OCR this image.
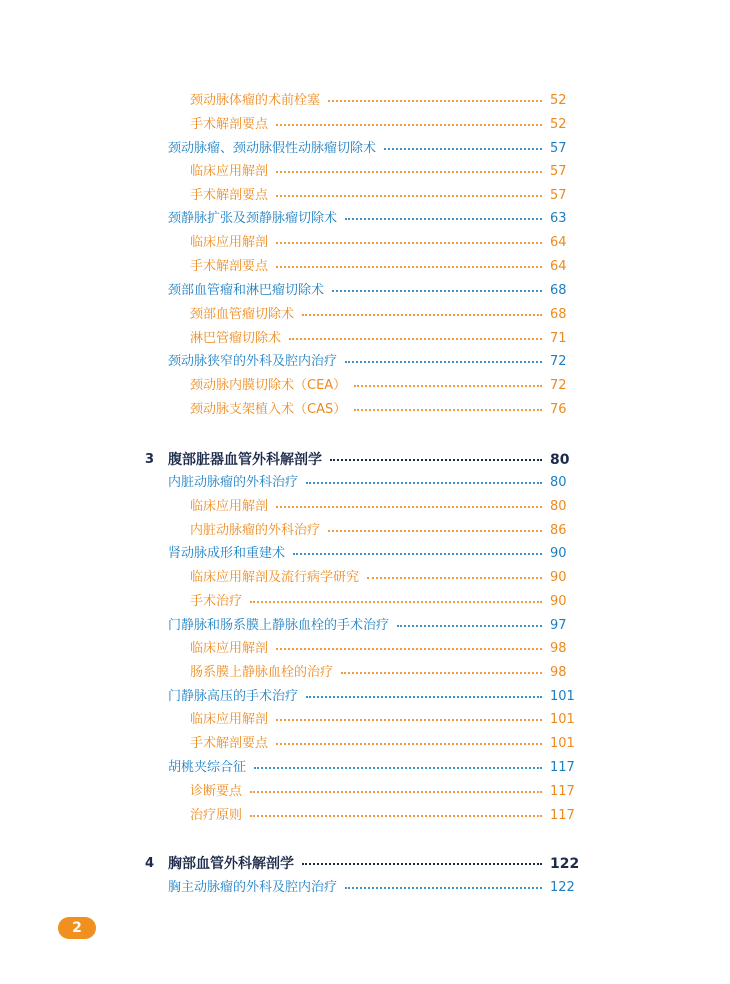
颈动脉体瘤的术前栓塞	52
手术解剖要点	52
颈动脉瘤、颈动脉假性动脉瘤切除术	57
临床应用解剖	57
手术解剖要点	57
颈静脉扩张及颈静脉瘤切除术	63
临床应用解剖	64
手术解剖要点	64
颈部血管瘤和淋巴瘤切除术	68
颈部血管瘤切除术	68
淋巴管瘤切除术	71
颈动脉狭窄的外科及腔内治疗	72
颈动脉内膜切除术（CEA）	72
颈动脉支架植入术（CAS）	76
3 腹部脏器血管外科解剖学	80
内脏动脉瘤的外科治疗	80
临床应用解剖	80
内脏动脉瘤的外科治疗	86
肾动脉成形和重建术	90
临床应用解剖及流行病学研究	90
手术治疗	90
门静脉和肠系膜上静脉血栓的手术治疗	97
临床应用解剖	98
肠系膜上静脉血栓的治疗	98
门静脉高压的手术治疗	101
临床应用解剖	101
手术解剖要点	101
胡桃夹综合征	117
诊断要点	117
治疗原则	117
4 胸部血管外科解剖学	122
胸主动脉瘤的外科及腔内治疗	122
2
